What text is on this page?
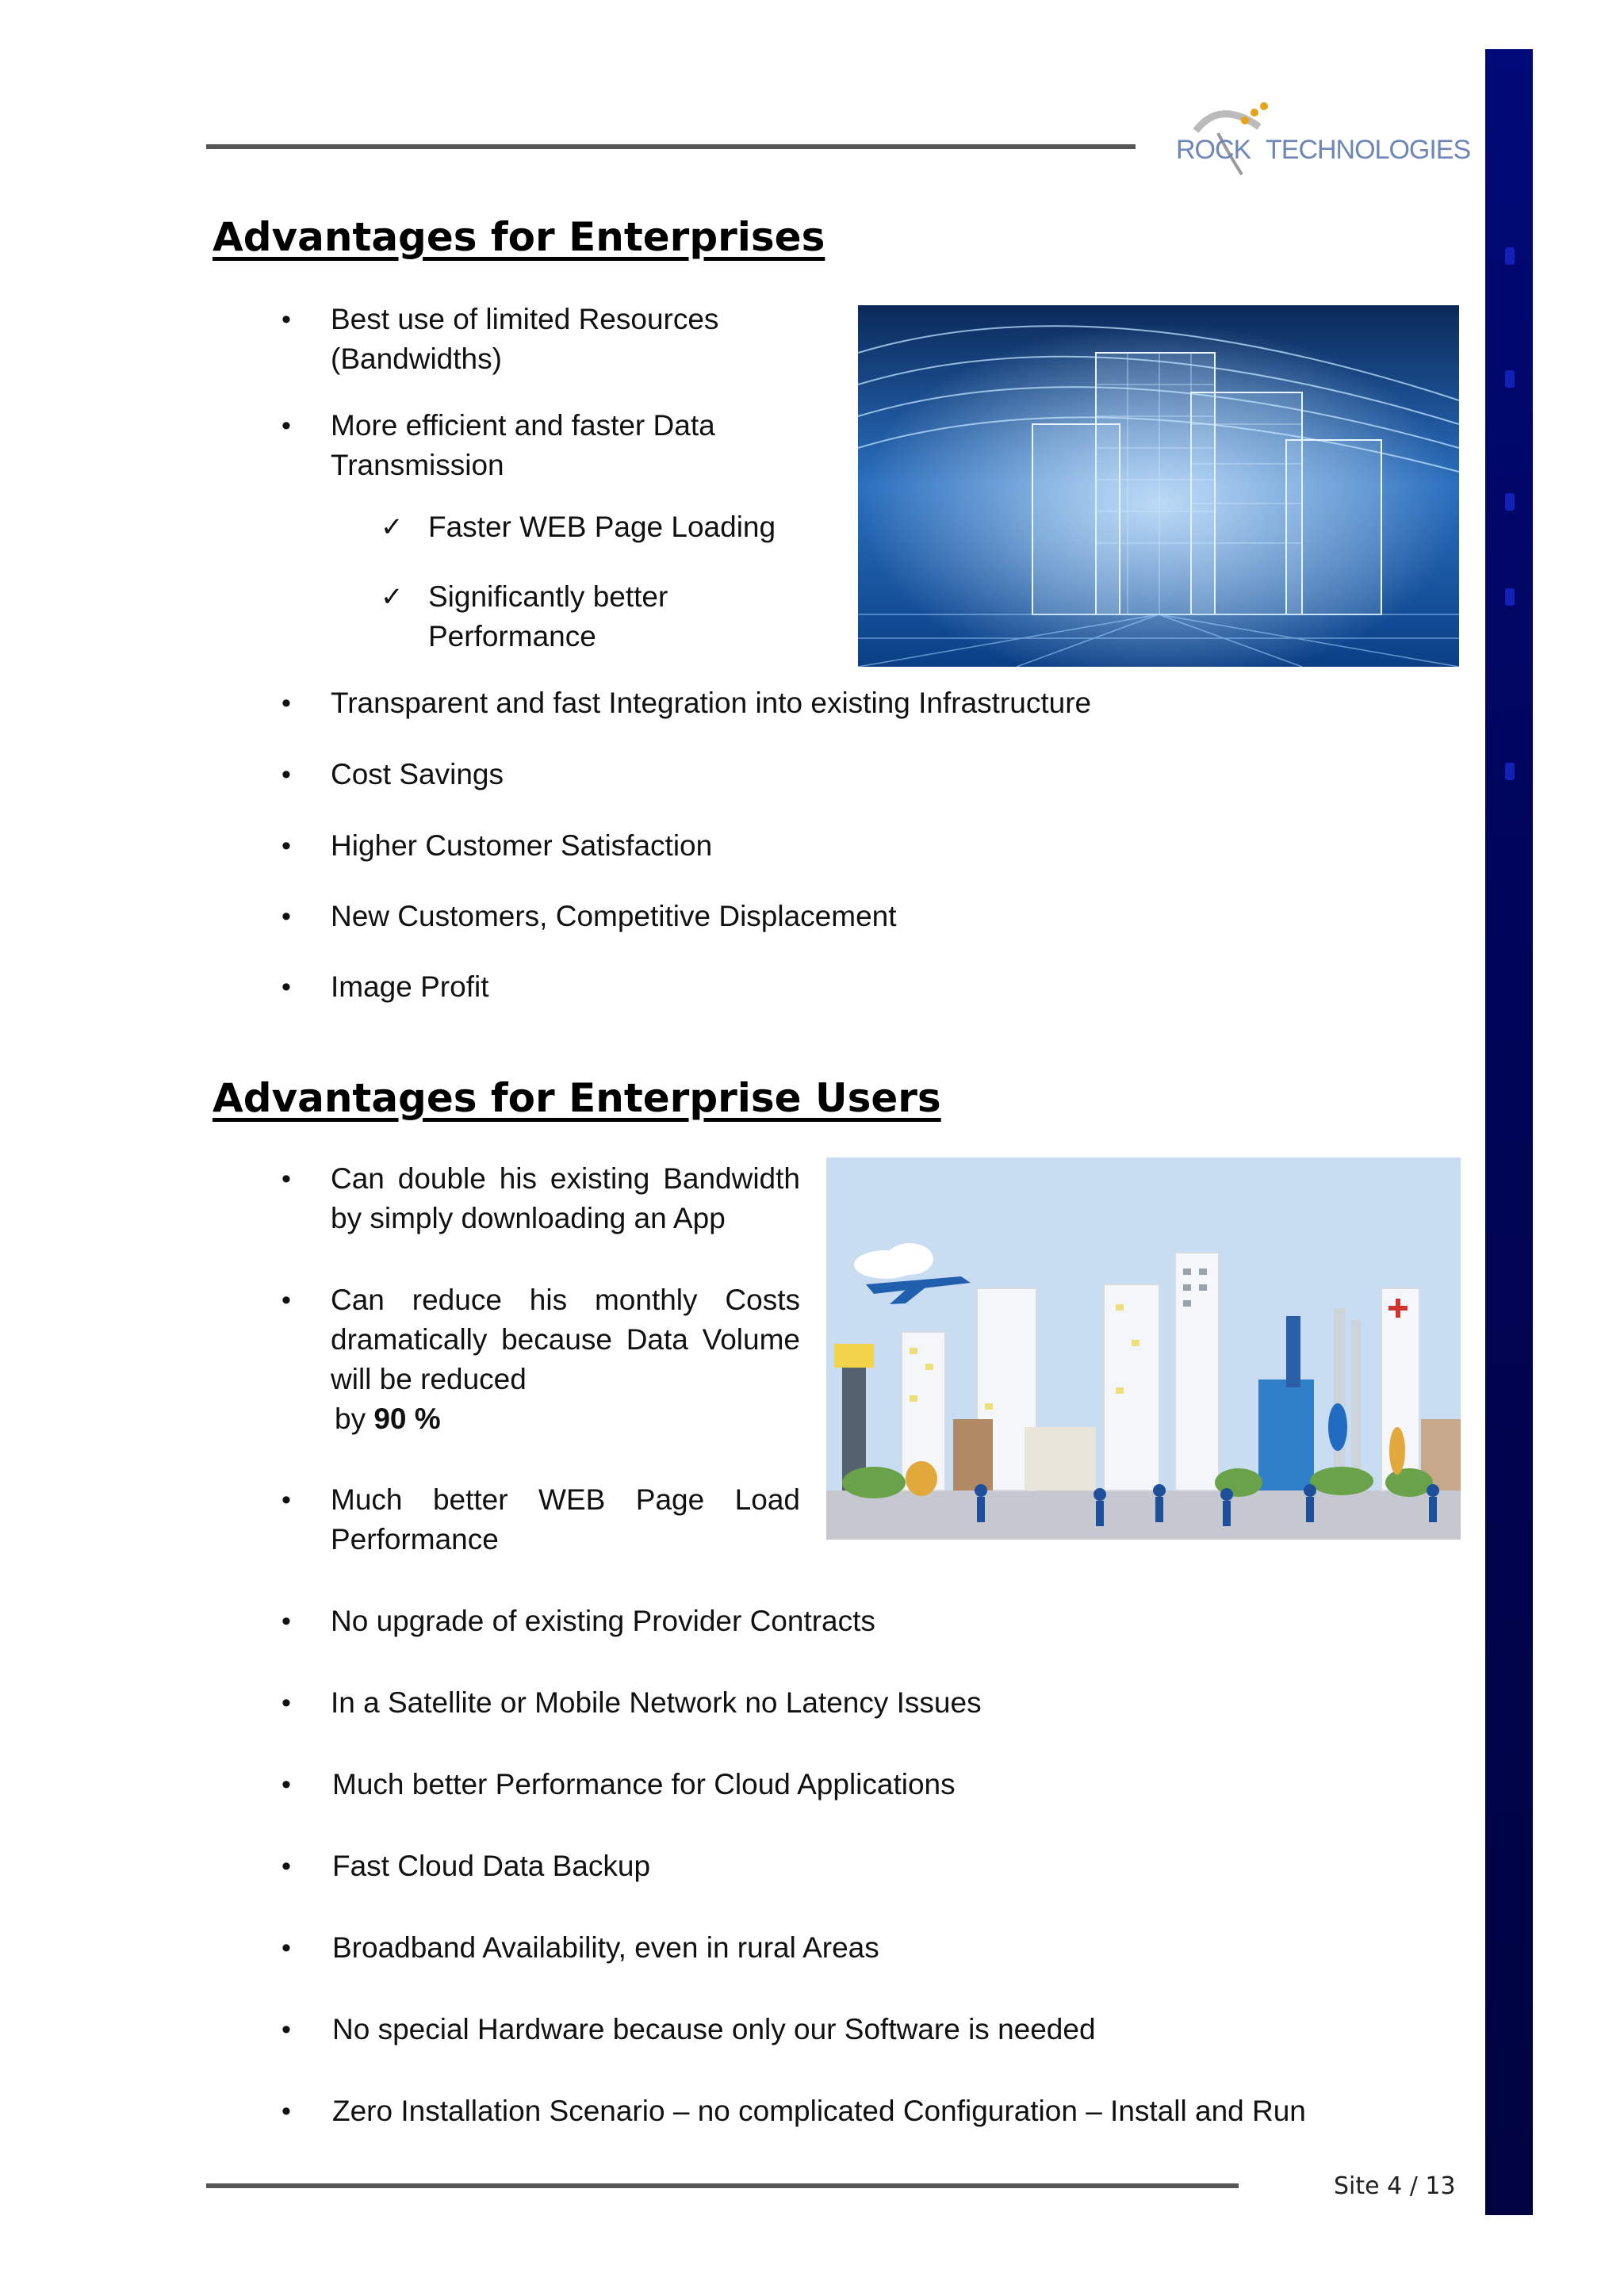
ROCK TECHNOLOGIES
Advantages for Enterprises
• Best use of limited Resources (Bandwidths)
• More efficient and faster Data Transmission
✓ Faster WEB Page Loading
✓ Significantly better Performance
• Transparent and fast Integration into existing Infrastructure
• Cost Savings
• Higher Customer Satisfaction
• New Customers, Competitive Displacement
• Image Profit
Advantages for Enterprise Users
• Can double his existing Bandwidth by simply downloading an App
• Can reduce his monthly Costs dramatically because Data Volume will be reduced
by 90 %
• Much better WEB Page Load Performance
• No upgrade of existing Provider Contracts
• In a Satellite or Mobile Network no Latency Issues
• Much better Performance for Cloud Applications
• Fast Cloud Data Backup
• Broadband Availability, even in rural Areas
• No special Hardware because only our Software is needed
• Zero Installation Scenario – no complicated Configuration – Install and Run
Site 4 / 13
